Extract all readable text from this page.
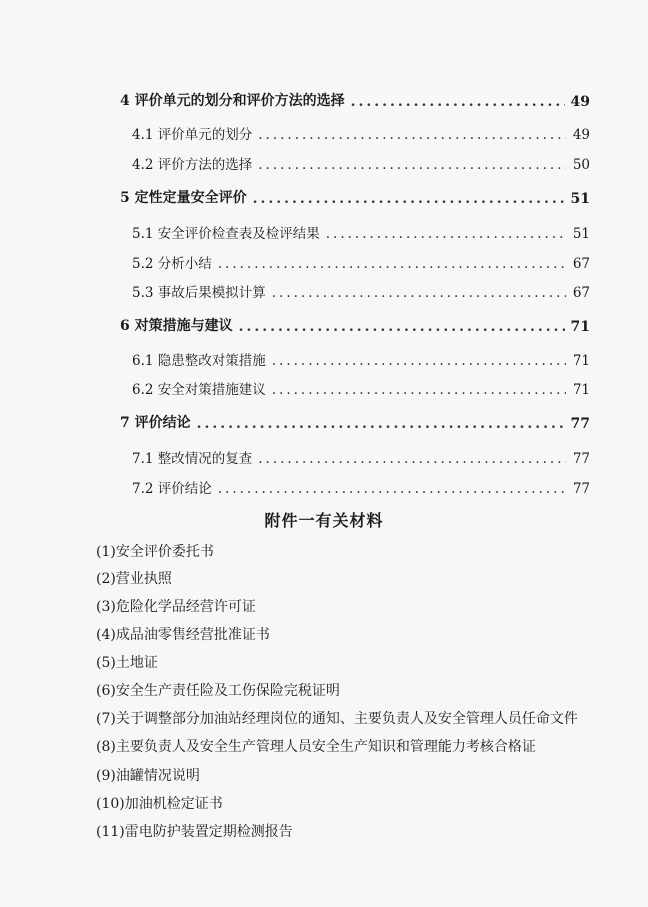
4 评价单元的划分和评价方法的选择 .....	49
4.1 评价单元的划分 .....	49
4.2 评价方法的选择 .....	50
5 定性定量安全评价 .....	51
5.1 安全评价检查表及检评结果 .....	51
5.2 分析小结 .....	67
5.3 事故后果模拟计算 .....	67
6 对策措施与建议 .....	71
6.1 隐患整改对策措施 .....	71
6.2 安全对策措施建议 .....	71
7 评价结论 .....	77
7.1 整改情况的复查 .....	77
7.2 评价结论 .....	77
附件一有关材料
(1)安全评价委托书
(2)营业执照
(3)危险化学品经营许可证
(4)成品油零售经营批准证书
(5)土地证
(6)安全生产责任险及工伤保险完税证明
(7)关于调整部分加油站经理岗位的通知、主要负责人及安全管理人员任命文件
(8)主要负责人及安全生产管理人员安全生产知识和管理能力考核合格证
(9)油罐情况说明
(10)加油机检定证书
(11)雷电防护装置定期检测报告
